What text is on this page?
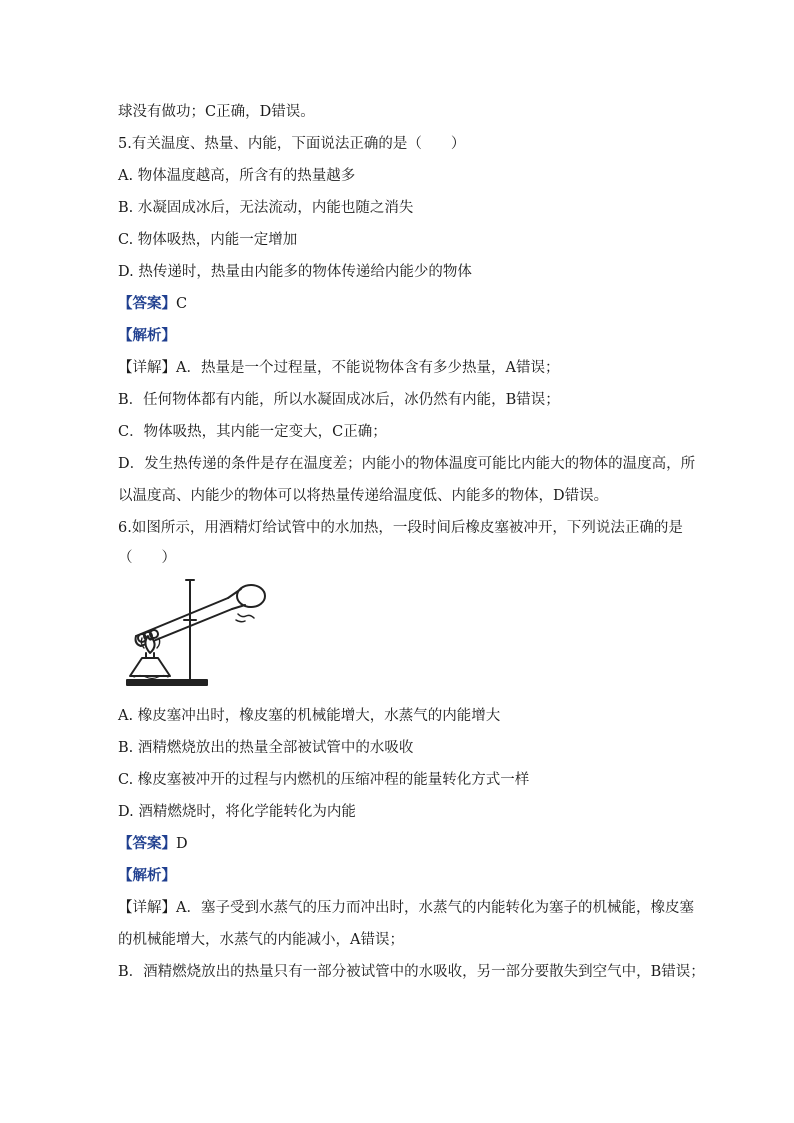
球没有做功；C正确，D错误。
5.有关温度、热量、内能，下面说法正确的是（　　）
A. 物体温度越高，所含有的热量越多
B. 水凝固成冰后，无法流动，内能也随之消失
C. 物体吸热，内能一定增加
D. 热传递时，热量由内能多的物体传递给内能少的物体
【答案】C
【解析】
【详解】A．热量是一个过程量，不能说物体含有多少热量，A错误；
B．任何物体都有内能，所以水凝固成冰后，冰仍然有内能，B错误；
C．物体吸热，其内能一定变大，C正确；
D．发生热传递的条件是存在温度差；内能小的物体温度可能比内能大的物体的温度高，所
以温度高、内能少的物体可以将热量传递给温度低、内能多的物体，D错误。
6.如图所示，用酒精灯给试管中的水加热，一段时间后橡皮塞被冲开，下列说法正确的是
（　　）
A. 橡皮塞冲出时，橡皮塞的机械能增大，水蒸气的内能增大
B. 酒精燃烧放出的热量全部被试管中的水吸收
C. 橡皮塞被冲开的过程与内燃机的压缩冲程的能量转化方式一样
D. 酒精燃烧时，将化学能转化为内能
【答案】D
【解析】
【详解】A．塞子受到水蒸气的压力而冲出时，水蒸气的内能转化为塞子的机械能，橡皮塞
的机械能增大，水蒸气的内能减小，A错误；
B．酒精燃烧放出的热量只有一部分被试管中的水吸收，另一部分要散失到空气中，B错误；
